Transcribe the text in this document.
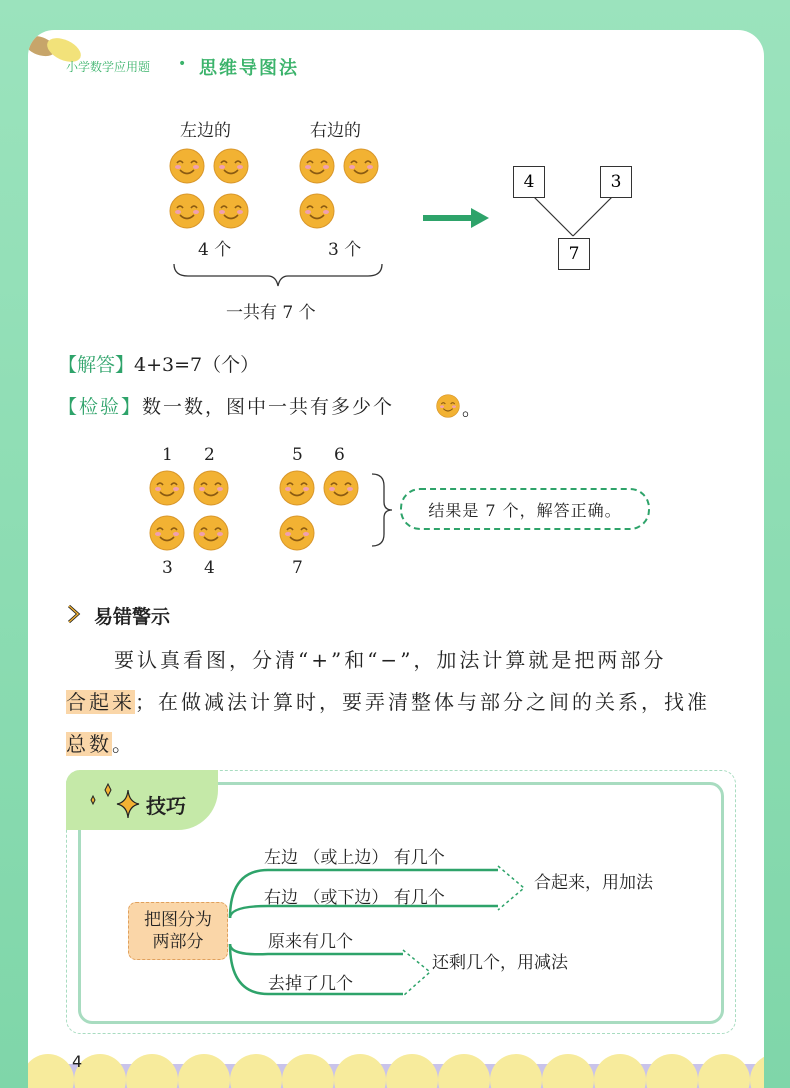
小学数学应用题 • 思维导图法
左边的	右边的
4 个	3 个
一共有 7 个
4	3
7
【解答】4+3=7（个）
【检验】数一数，图中一共有多少个	。
1 2	5 6
3 4	7
结果是 7 个，解答正确。
易错警示
要认真看图，分清“+”和“−”，加法计算就是把两部分
合起来；在做减法计算时，要弄清整体与部分之间的关系，找准
总数。
技巧
把图分为
两部分
左边 （或上边） 有几个
右边 （或下边） 有几个
原来有几个
去掉了几个
合起来，用加法
还剩几个，用减法
4
